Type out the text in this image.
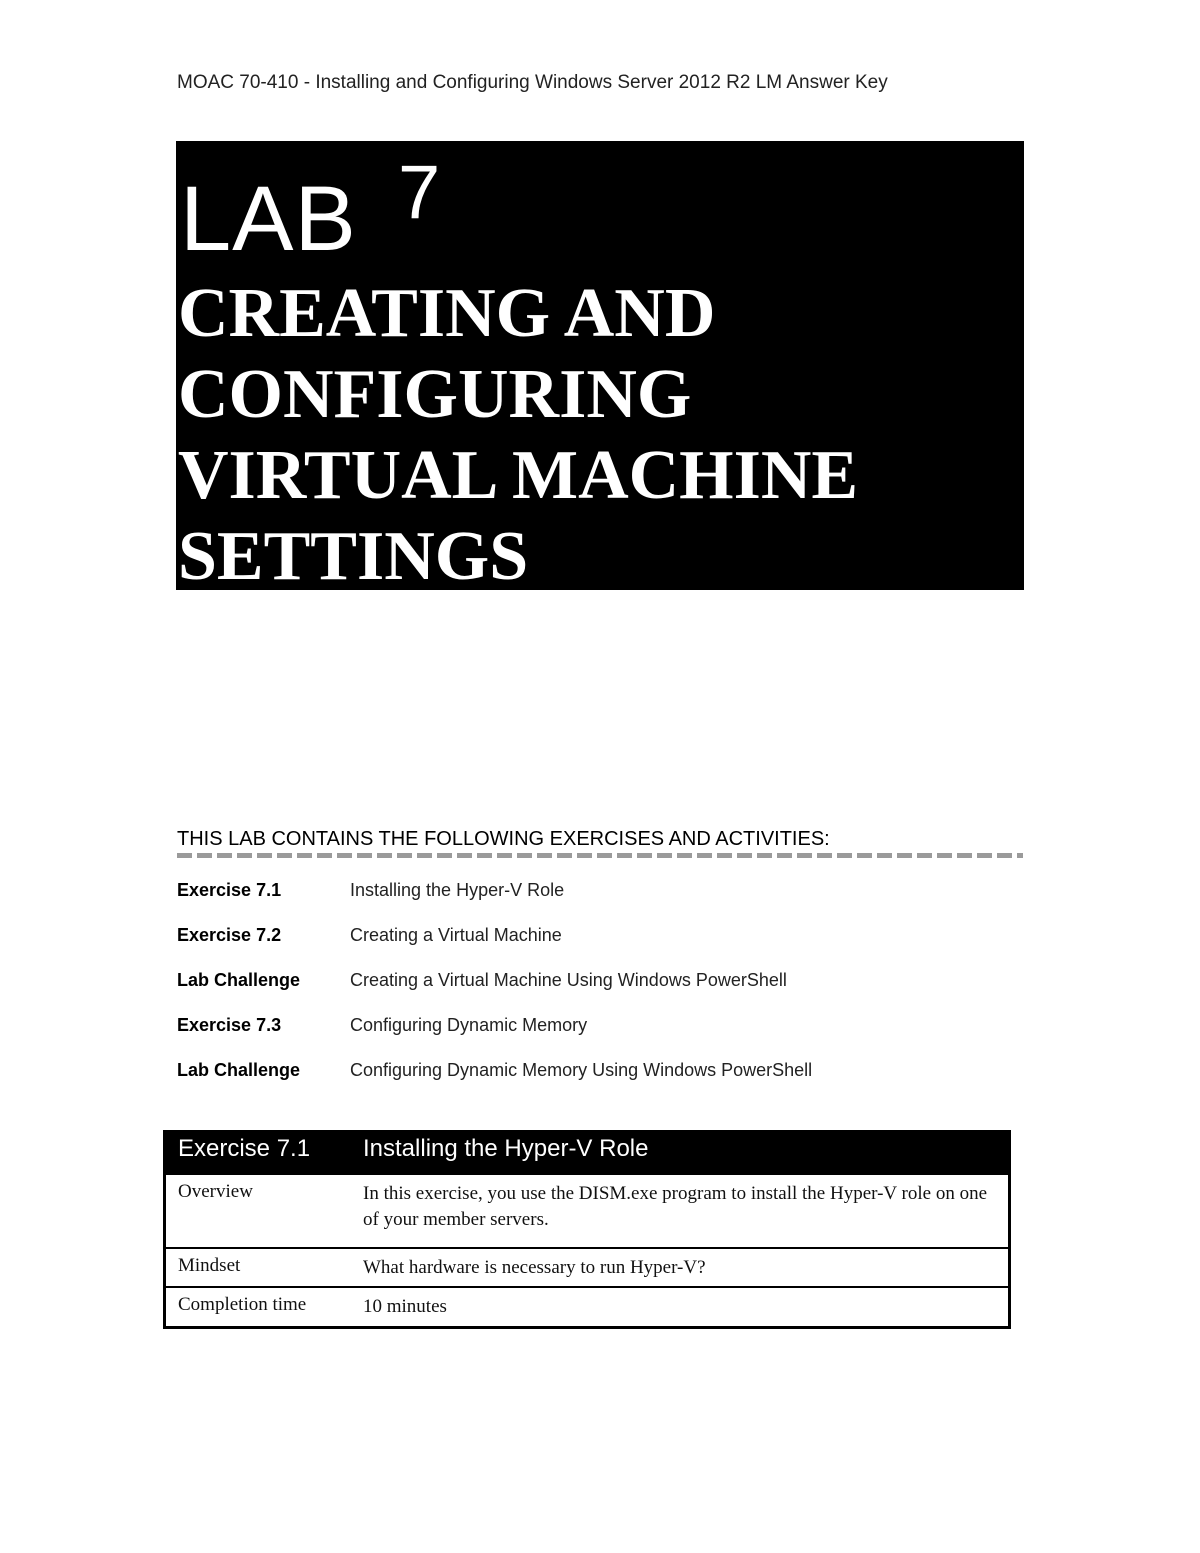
MOAC 70-410 - Installing and Configuring Windows Server 2012 R2 LM Answer Key
LAB 7
CREATING AND CONFIGURING VIRTUAL MACHINE SETTINGS
THIS LAB CONTAINS THE FOLLOWING EXERCISES AND ACTIVITIES:
Exercise 7.1	Installing the Hyper-V Role
Exercise 7.2	Creating a Virtual Machine
Lab Challenge	Creating a Virtual Machine Using Windows PowerShell
Exercise 7.3	Configuring Dynamic Memory
Lab Challenge	Configuring Dynamic Memory Using Windows PowerShell
Exercise 7.1	Installing the Hyper-V Role
Overview	In this exercise, you use the DISM.exe program to install the Hyper-V role on one of your member servers.
Mindset	What hardware is necessary to run Hyper-V?
Completion time	10 minutes
